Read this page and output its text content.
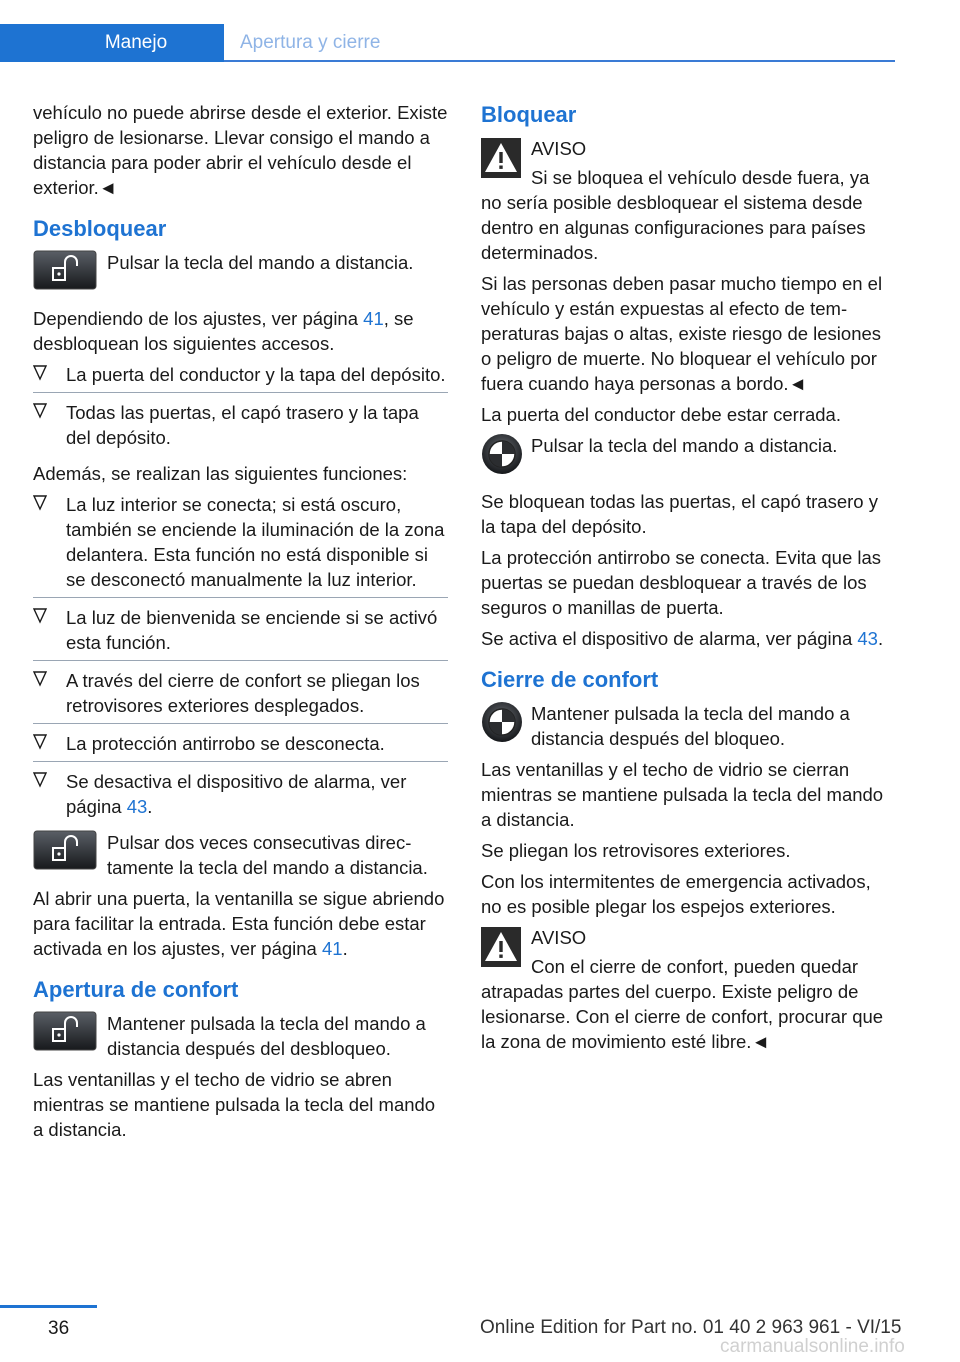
Manejo	Apertura y cierre

vehículo no puede abrirse desde el exterior. Existe peligro de lesionarse. Llevar consigo el mando a distancia para poder abrir el vehículo desde el exterior.◄

Desbloquear
Pulsar la tecla del mando a distancia.

Dependiendo de los ajustes, ver página 41, se desbloquean los siguientes accesos.

La puerta del conductor y la tapa del depósito.
Todas las puertas, el capó trasero y la tapa del depósito.

Además, se realizan las siguientes funciones:

La luz interior se conecta; si está oscuro, también se enciende la iluminación de la zona delantera. Esta función no está disponible si se desconectó manualmente la luz interior.
La luz de bienvenida se enciende si se activó esta función.
A través del cierre de confort se pliegan los retrovisores exteriores desplegados.
La protección antirrobo se desconecta.
Se desactiva el dispositivo de alarma, ver página 43.
Pulsar dos veces consecutivas directamente la tecla del mando a distancia.

Al abrir una puerta, la ventanilla se sigue abriendo para facilitar la entrada. Esta función debe estar activada en los ajustes, ver página 41.

Apertura de confort
Mantener pulsada la tecla del mando a distancia después del desbloqueo.

Las ventanillas y el techo de vidrio se abren mientras se mantiene pulsada la tecla del mando a distancia.

Bloquear
AVISO

Si se bloquea el vehículo desde fuera, ya no sería posible desbloquear el sistema desde dentro en algunas configuraciones para países determinados.

Si las personas deben pasar mucho tiempo en el vehículo y están expuestas al efecto de temperaturas bajas o altas, existe riesgo de lesiones o peligro de muerte. No bloquear el vehículo por fuera cuando haya personas a bordo.◄

La puerta del conductor debe estar cerrada.

Pulsar la tecla del mando a distancia.

Se bloquean todas las puertas, el capó trasero y la tapa del depósito.

La protección antirrobo se conecta. Evita que las puertas se puedan desbloquear a través de los seguros o manillas de puerta.

Se activa el dispositivo de alarma, ver página 43.

Cierre de confort
Mantener pulsada la tecla del mando a distancia después del bloqueo.

Las ventanillas y el techo de vidrio se cierran mientras se mantiene pulsada la tecla del mando a distancia.

Se pliegan los retrovisores exteriores.

Con los intermitentes de emergencia activados, no es posible plegar los espejos exteriores.

AVISO

Con el cierre de confort, pueden quedar atrapadas partes del cuerpo. Existe peligro de lesionarse. Con el cierre de confort, procurar que la zona de movimiento esté libre.◄

36	Online Edition for Part no. 01 40 2 963 961 - VI/15
carmanualsonline.info
